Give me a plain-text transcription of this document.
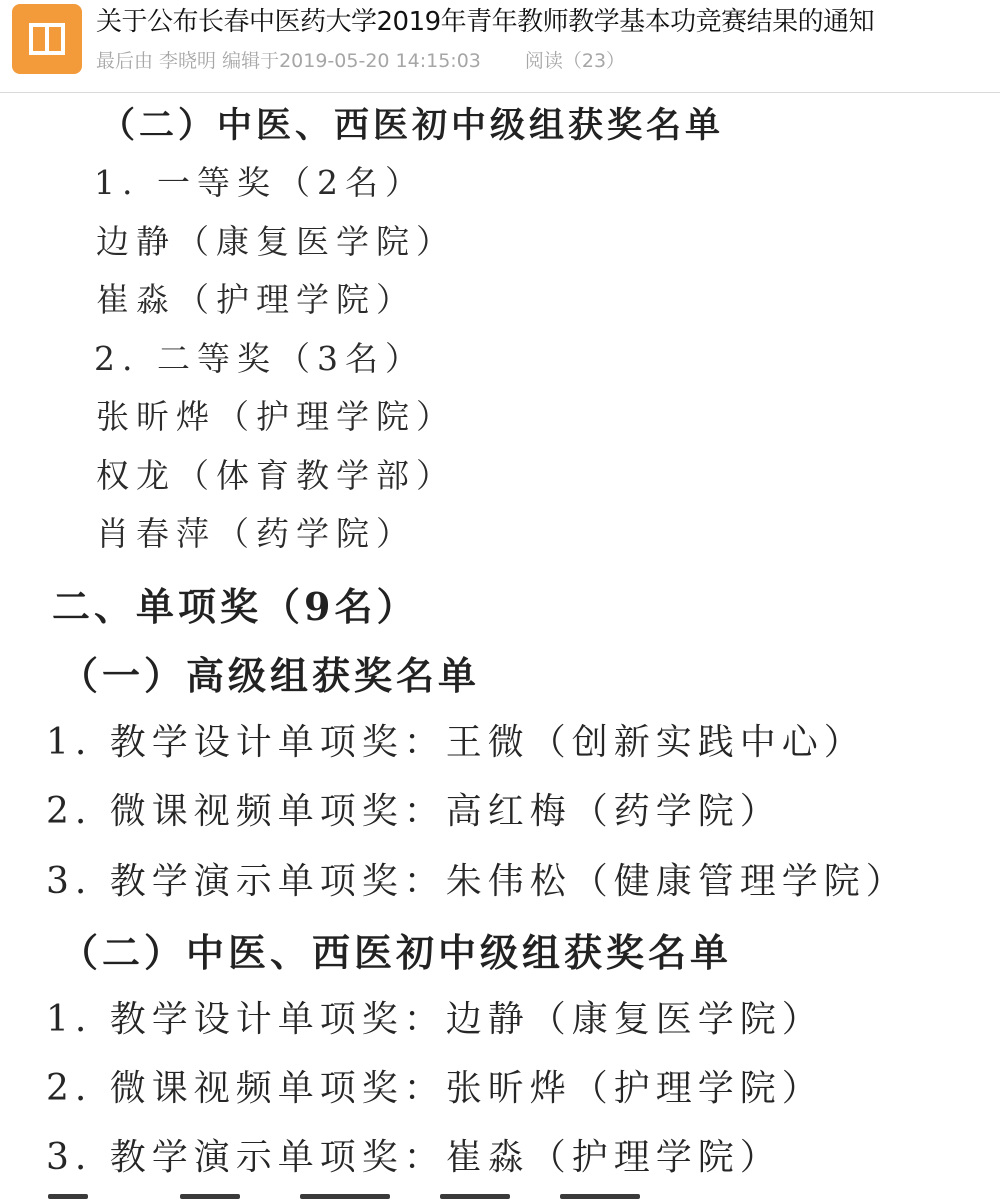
关于公布长春中医药大学2019年青年教师教学基本功竞赛结果的通知
最后由 李晓明 编辑于2019-05-20 14:15:03 阅读（23）
（二）中医、西医初中级组获奖名单
1. 一等奖（2名）
边静（康复医学院）
崔淼（护理学院）
2. 二等奖（3名）
张昕烨（护理学院）
权龙（体育教学部）
肖春萍（药学院）
二、单项奖（9名）
（一）高级组获奖名单
1. 教学设计单项奖：王微（创新实践中心）
2. 微课视频单项奖：高红梅（药学院）
3. 教学演示单项奖：朱伟松（健康管理学院）
（二）中医、西医初中级组获奖名单
1. 教学设计单项奖：边静（康复医学院）
2. 微课视频单项奖：张昕烨（护理学院）
3. 教学演示单项奖：崔淼（护理学院）
